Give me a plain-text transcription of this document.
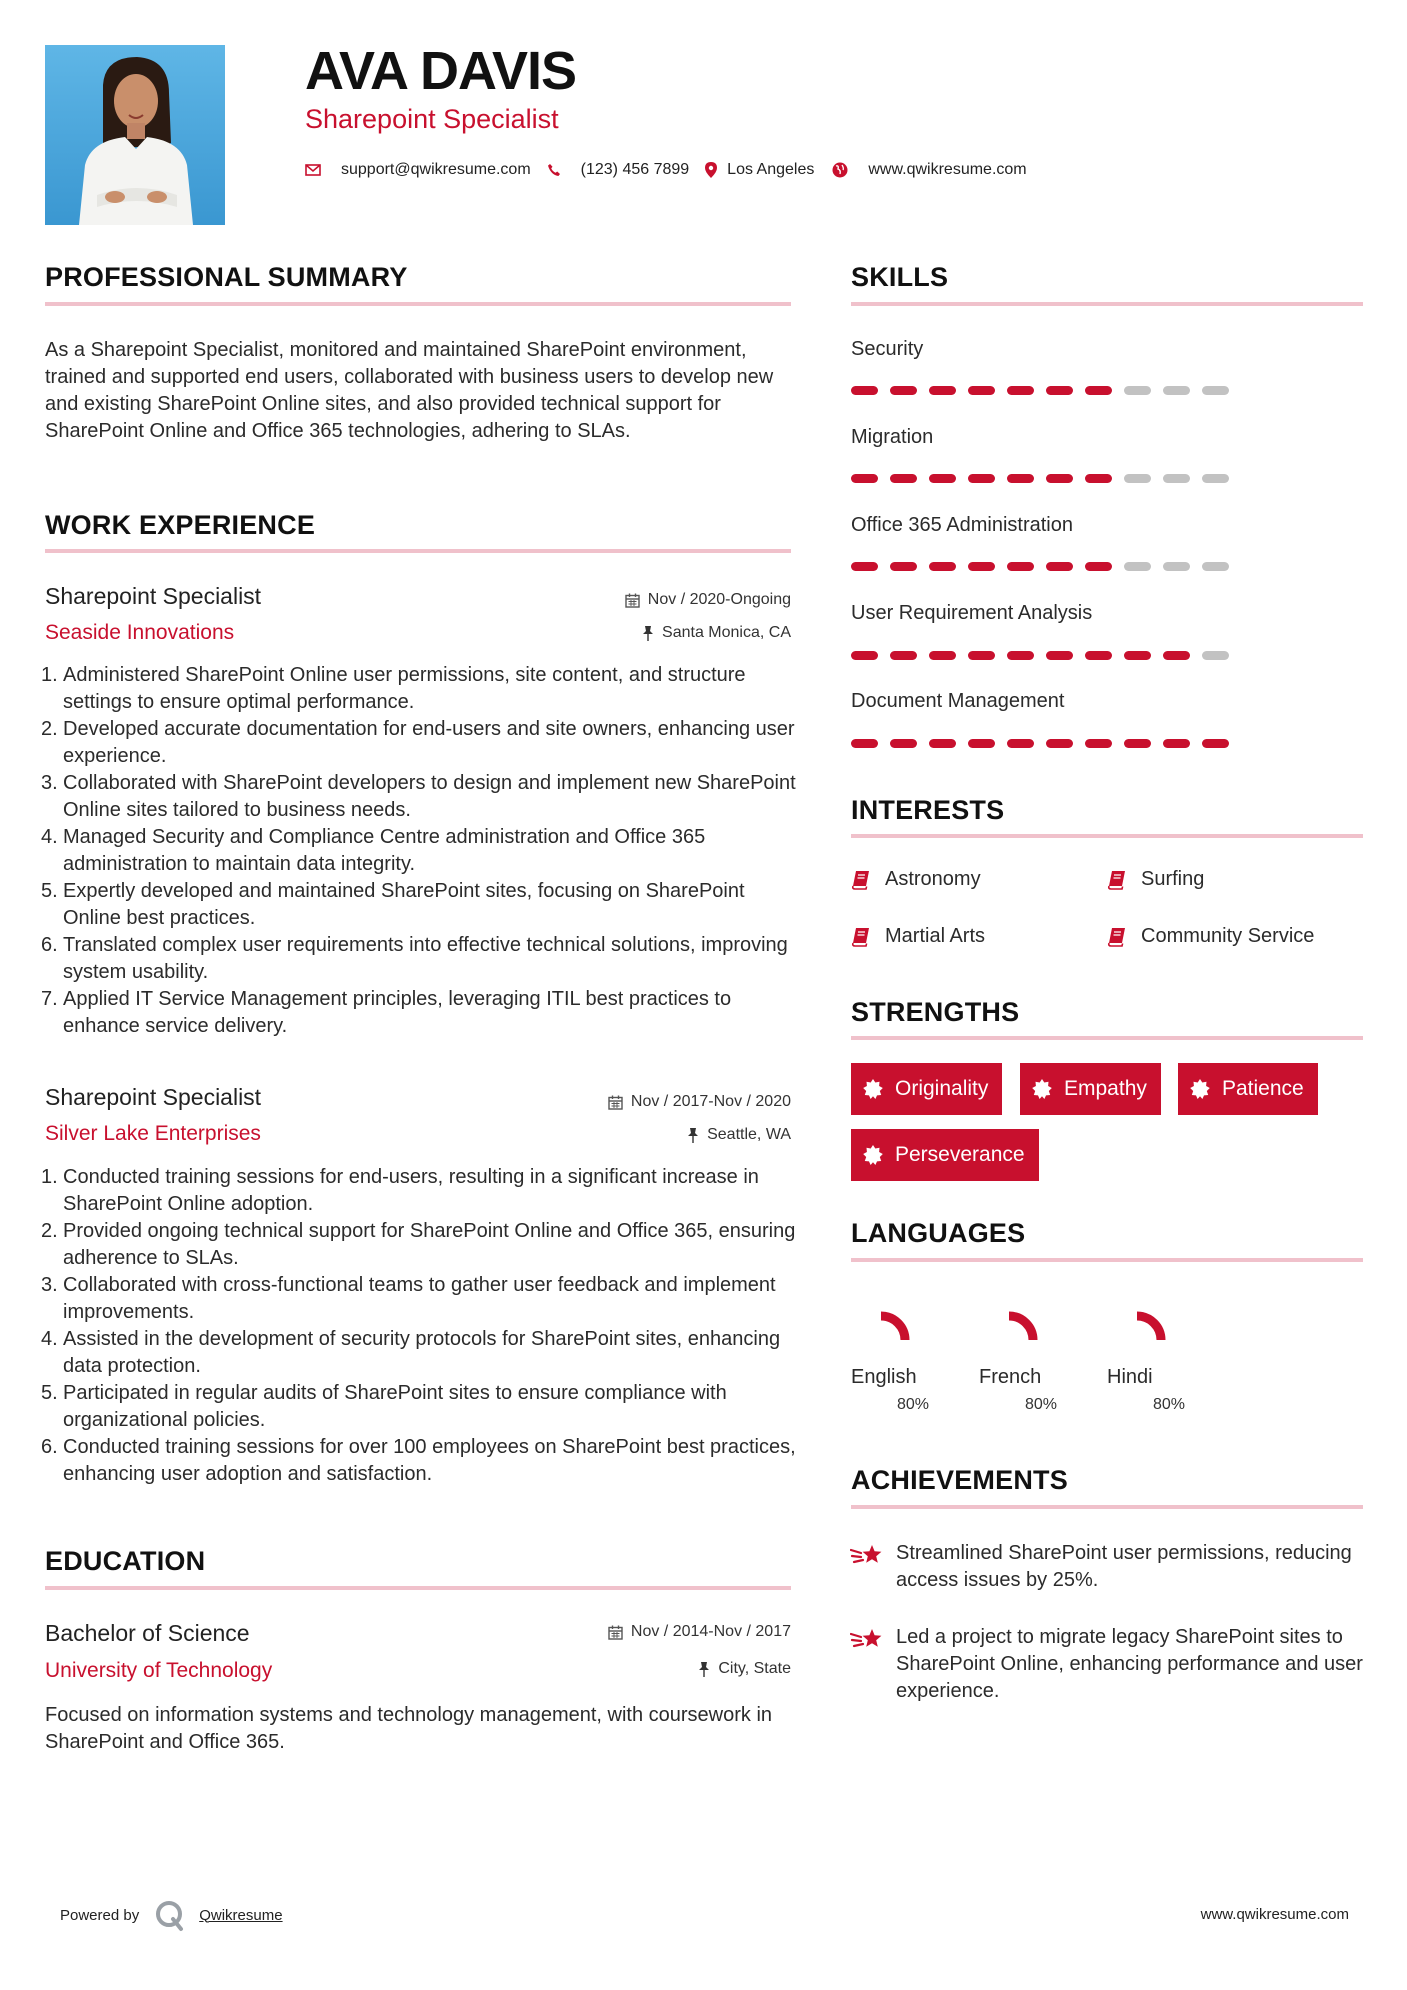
AVA DAVIS
Sharepoint Specialist
support@qwikresume.com	(123) 456 7899 Los Angeles	www.qwikresume.com
PROFESSIONAL SUMMARY
As a Sharepoint Specialist, monitored and maintained SharePoint environment, trained and supported end users, collaborated with business users to develop new and existing SharePoint Online sites, and also provided technical support for SharePoint Online and Office 365 technologies, adhering to SLAs.
WORK EXPERIENCE
Sharepoint Specialist	Nov / 2020-Ongoing
Seaside Innovations	Santa Monica, CA
1. Administered SharePoint Online user permissions, site content, and structure settings to ensure optimal performance.
2. Developed accurate documentation for end-users and site owners, enhancing user experience.
3. Collaborated with SharePoint developers to design and implement new SharePoint Online sites tailored to business needs.
4. Managed Security and Compliance Centre administration and Office 365 administration to maintain data integrity.
5. Expertly developed and maintained SharePoint sites, focusing on SharePoint Online best practices.
6. Translated complex user requirements into effective technical solutions, improving system usability.
7. Applied IT Service Management principles, leveraging ITIL best practices to enhance service delivery.
Sharepoint Specialist	Nov / 2017-Nov / 2020
Silver Lake Enterprises	Seattle, WA
1. Conducted training sessions for end-users, resulting in a significant increase in SharePoint Online adoption.
2. Provided ongoing technical support for SharePoint Online and Office 365, ensuring adherence to SLAs.
3. Collaborated with cross-functional teams to gather user feedback and implement improvements.
4. Assisted in the development of security protocols for SharePoint sites, enhancing data protection.
5. Participated in regular audits of SharePoint sites to ensure compliance with organizational policies.
6. Conducted training sessions for over 100 employees on SharePoint best practices, enhancing user adoption and satisfaction.
EDUCATION
Bachelor of Science	Nov / 2014-Nov / 2017
University of Technology	City, State
Focused on information systems and technology management, with coursework in SharePoint and Office 365.
SKILLS
Security
Migration
Office 365 Administration
User Requirement Analysis
Document Management
INTERESTS
Astronomy	Surfing
Martial Arts	Community Service
STRENGTHS
Originality	Empathy	Patience
Perseverance
LANGUAGES
English
80%
French
80%
Hindi
80%
ACHIEVEMENTS
Streamlined SharePoint user permissions, reducing access issues by 25%.
Led a project to migrate legacy SharePoint sites to SharePoint Online, enhancing performance and user experience.
Powered by	Qwikresume	www.qwikresume.com
